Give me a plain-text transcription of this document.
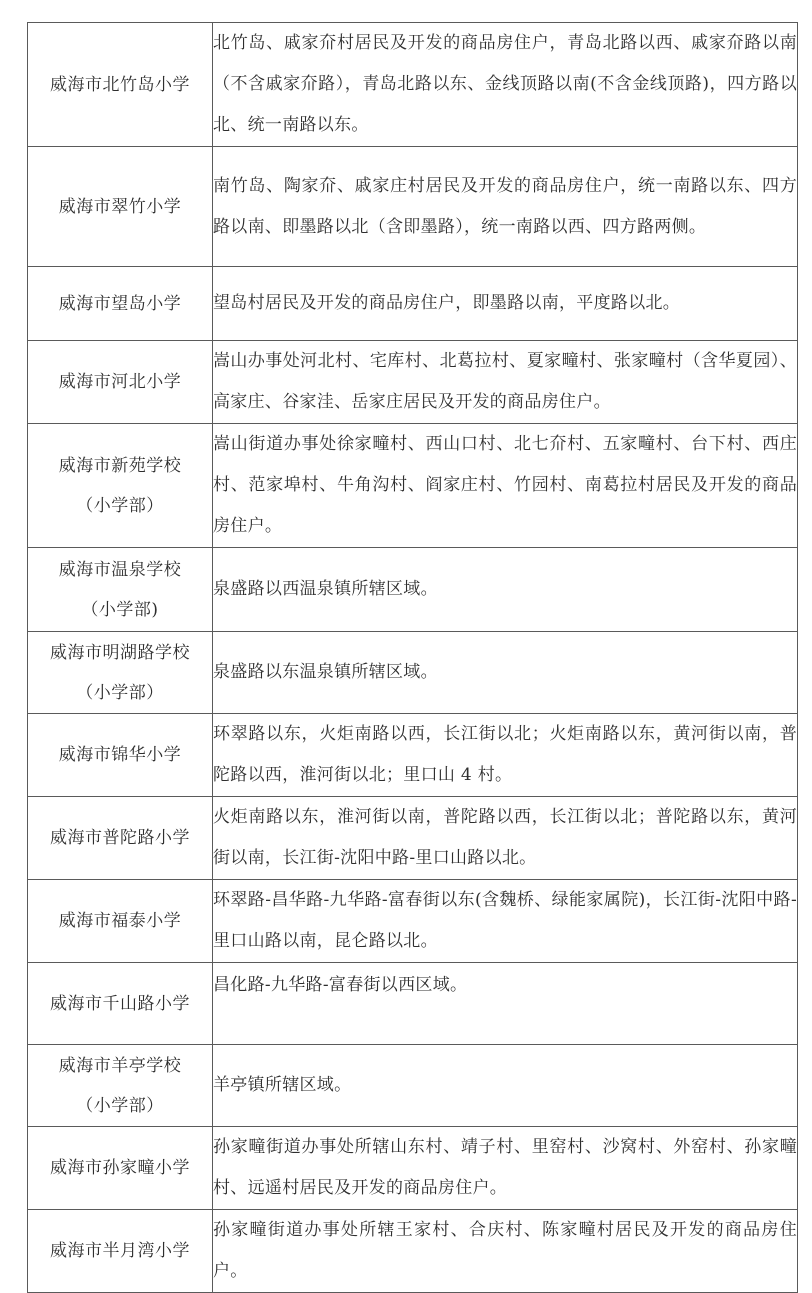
威海市北竹岛小学	北竹岛、戚家夼村居民及开发的商品房住户，青岛北路以西、戚家夼路以南（不含戚家夼路），青岛北路以东、金线顶路以南(不含金线顶路)，四方路以北、统一南路以东。

威海市翠竹小学	南竹岛、陶家夼、戚家庄村居民及开发的商品房住户，统一南路以东、四方路以南、即墨路以北（含即墨路），统一南路以西、四方路两侧。

威海市望岛小学	望岛村居民及开发的商品房住户，即墨路以南，平度路以北。

威海市河北小学	嵩山办事处河北村、宅库村、北葛拉村、夏家疃村、张家疃村（含华夏园）、高家庄、谷家洼、岳家庄居民及开发的商品房住户。

威海市新苑学校
（小学部）	嵩山街道办事处徐家疃村、西山口村、北七夼村、五家疃村、台下村、西庄村、范家埠村、牛角沟村、阎家庄村、竹园村、南葛拉村居民及开发的商品房住户。

威海市温泉学校
（小学部)	泉盛路以西温泉镇所辖区域。

威海市明湖路学校
（小学部）	泉盛路以东温泉镇所辖区域。

威海市锦华小学	环翠路以东，火炬南路以西，长江街以北；火炬南路以东，黄河街以南，普陀路以西，淮河街以北；里口山 4 村。

威海市普陀路小学	火炬南路以东，淮河街以南，普陀路以西，长江街以北；普陀路以东，黄河街以南，长江街-沈阳中路-里口山路以北。

威海市福泰小学	环翠路-昌华路-九华路-富春街以东(含魏桥、绿能家属院)，长江街-沈阳中路-里口山路以南，昆仑路以北。

威海市千山路小学	昌化路-九华路-富春街以西区域。

威海市羊亭学校
（小学部）	羊亭镇所辖区域。

威海市孙家疃小学	孙家疃街道办事处所辖山东村、靖子村、里窑村、沙窝村、外窑村、孙家疃村、远遥村居民及开发的商品房住户。

威海市半月湾小学	孙家疃街道办事处所辖王家村、合庆村、陈家疃村居民及开发的商品房住户。
